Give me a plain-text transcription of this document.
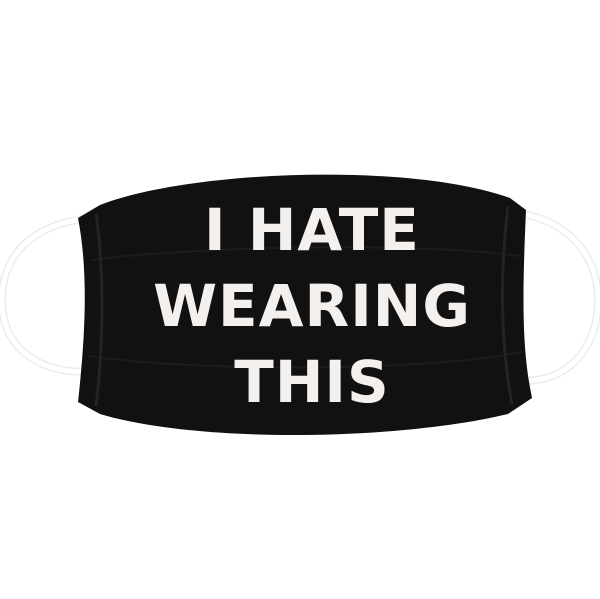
I HATE
WEARING
THIS
